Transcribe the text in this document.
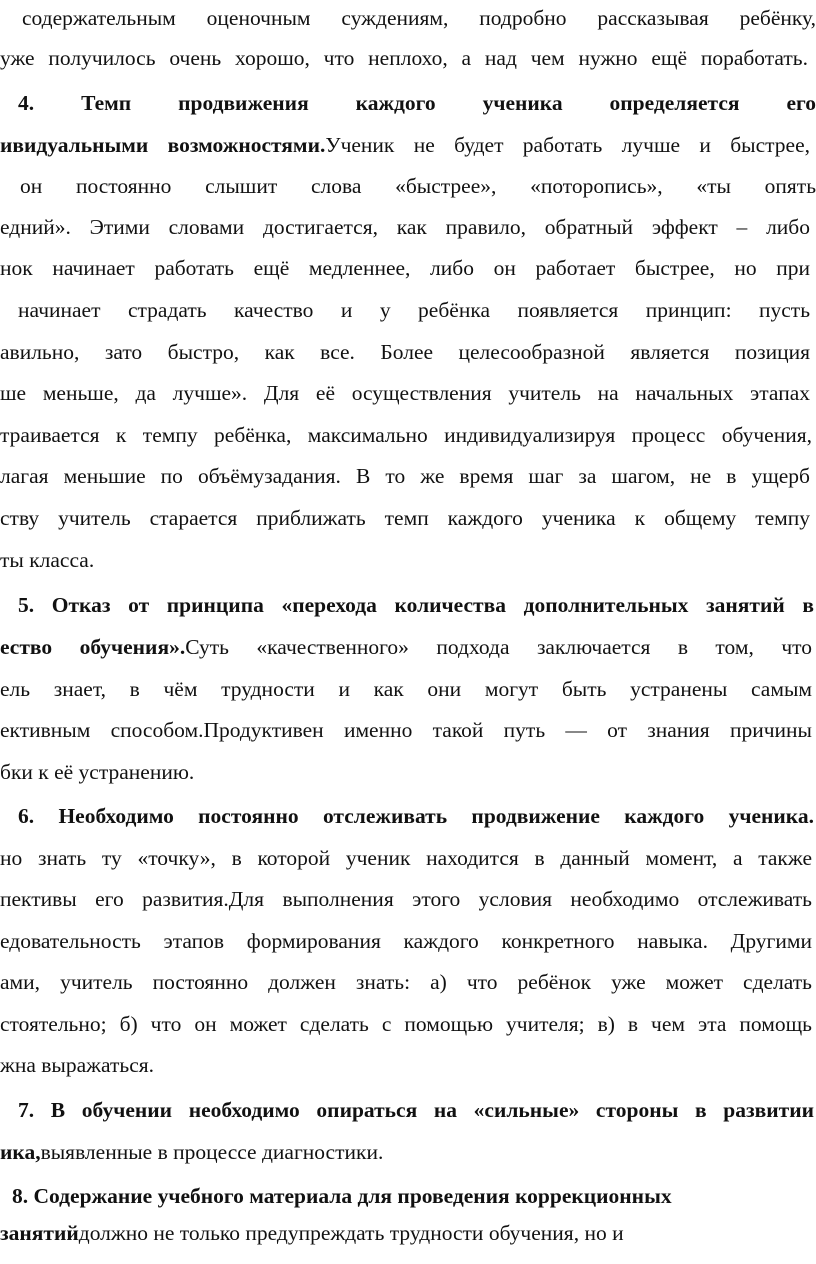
содержательным оценочным суждениям, подробно рассказывая ребёнку,
уже получилось очень хорошо, что неплохо, а над чем нужно ещё поработать.
4. Темп продвижения каждого ученика определяется его
ивидуальными возможностями.Ученик не будет работать лучше и быстрее,
он постоянно слышит слова «быстрее», «поторопись», «ты опять
едний». Этими словами достигается, как правило, обратный эффект – либо
нок начинает работать ещё медленнее, либо он работает быстрее, но при
начинает страдать качество и у ребёнка появляется принцип: пусть
авильно, зато быстро, как все. Более целесообразной является позиция
ше меньше, да лучше». Для её осуществления учитель на начальных этапах
траивается к темпу ребёнка, максимально индивидуализируя процесс обучения,
лагая меньшие по объёмузадания. В то же время шаг за шагом, не в ущерб
ству учитель старается приближать темп каждого ученика к общему темпу
ты класса.
5. Отказ от принципа «перехода количества дополнительных занятий в
ество обучения».Суть «качественного» подхода заключается в том, что
ель знает, в чём трудности и как они могут быть устранены самым
ективным способом.Продуктивен именно такой путь — от знания причины
бки к её устранению.
6. Необходимо постоянно отслеживать продвижение каждого ученика.
но знать ту «точку», в которой ученик находится в данный момент, а также
пективы его развития.Для выполнения этого условия необходимо отслеживать
едовательность этапов формирования каждого конкретного навыка. Другими
ами, учитель постоянно должен знать: а) что ребёнок уже может сделать
стоятельно; б) что он может сделать с помощью учителя; в) в чем эта помощь
жна выражаться.
7. В обучении необходимо опираться на «сильные» стороны в развитии
ика,выявленные в процессе диагностики.
8. Содержание учебного материала для проведения коррекционных
занятийдолжно не только предупреждать трудности обучения, но и
